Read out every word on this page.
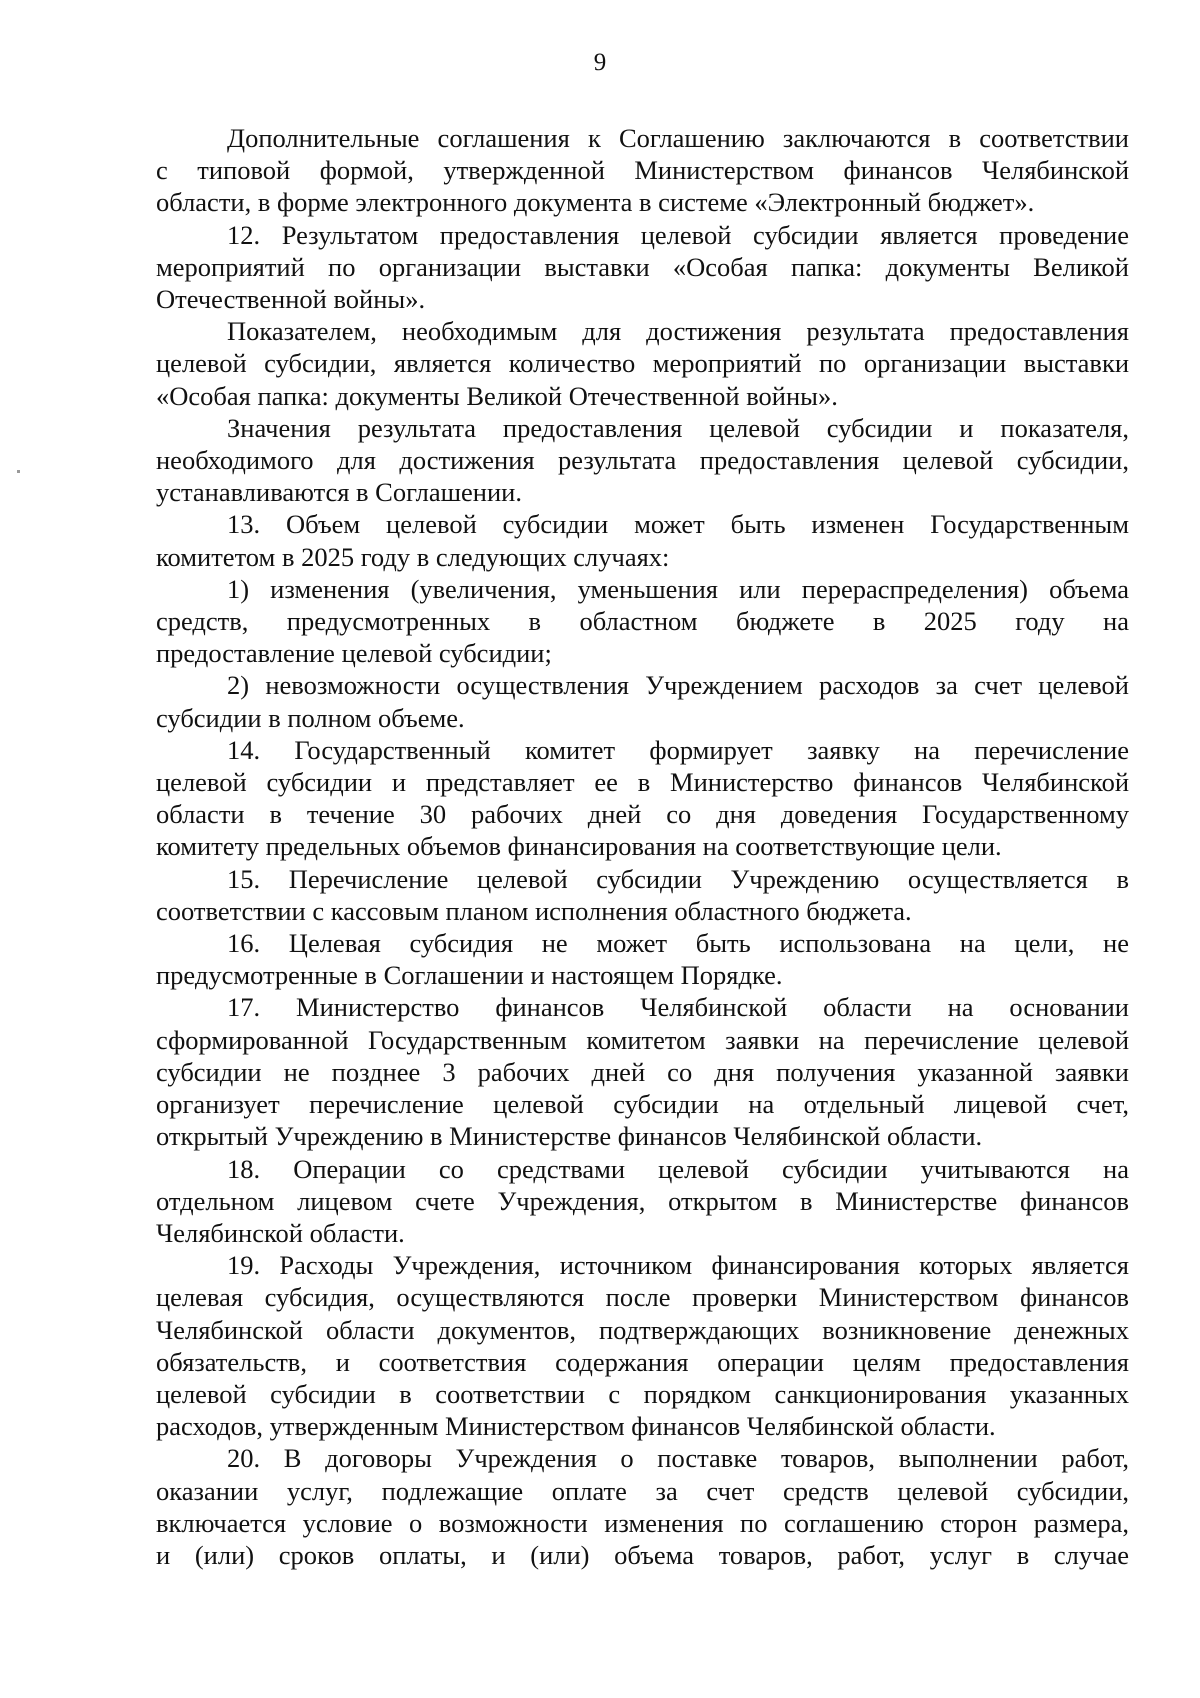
9

Дополнительные соглашения к Соглашению заключаются в соответствии
с типовой формой, утвержденной Министерством финансов Челябинской
области, в форме электронного документа в системе «Электронный бюджет».

12. Результатом предоставления целевой субсидии является проведение
мероприятий по организации выставки «Особая папка: документы Великой
Отечественной войны».

Показателем, необходимым для достижения результата предоставления
целевой субсидии, является количество мероприятий по организации выставки
«Особая папка: документы Великой Отечественной войны».

Значения результата предоставления целевой субсидии и показателя,
необходимого для достижения результата предоставления целевой субсидии,
устанавливаются в Соглашении.

13. Объем целевой субсидии может быть изменен Государственным
комитетом в 2025 году в следующих случаях:

1) изменения (увеличения, уменьшения или перераспределения) объема
средств, предусмотренных в областном бюджете в 2025 году на
предоставление целевой субсидии;

2) невозможности осуществления Учреждением расходов за счет целевой
субсидии в полном объеме.

14. Государственный комитет формирует заявку на перечисление
целевой субсидии и представляет ее в Министерство финансов Челябинской
области в течение 30 рабочих дней со дня доведения Государственному
комитету предельных объемов финансирования на соответствующие цели.

15. Перечисление целевой субсидии Учреждению осуществляется в
соответствии с кассовым планом исполнения областного бюджета.

16. Целевая субсидия не может быть использована на цели, не
предусмотренные в Соглашении и настоящем Порядке.

17. Министерство финансов Челябинской области на основании
сформированной Государственным комитетом заявки на перечисление целевой
субсидии не позднее 3 рабочих дней со дня получения указанной заявки
организует перечисление целевой субсидии на отдельный лицевой счет,
открытый Учреждению в Министерстве финансов Челябинской области.

18. Операции со средствами целевой субсидии учитываются на
отдельном лицевом счете Учреждения, открытом в Министерстве финансов
Челябинской области.

19. Расходы Учреждения, источником финансирования которых является
целевая субсидия, осуществляются после проверки Министерством финансов
Челябинской области документов, подтверждающих возникновение денежных
обязательств, и соответствия содержания операции целям предоставления
целевой субсидии в соответствии с порядком санкционирования указанных
расходов, утвержденным Министерством финансов Челябинской области.

20. В договоры Учреждения о поставке товаров, выполнении работ,
оказании услуг, подлежащие оплате за счет средств целевой субсидии,
включается условие о возможности изменения по соглашению сторон размера,
и (или) сроков оплаты, и (или) объема товаров, работ, услуг в случае
